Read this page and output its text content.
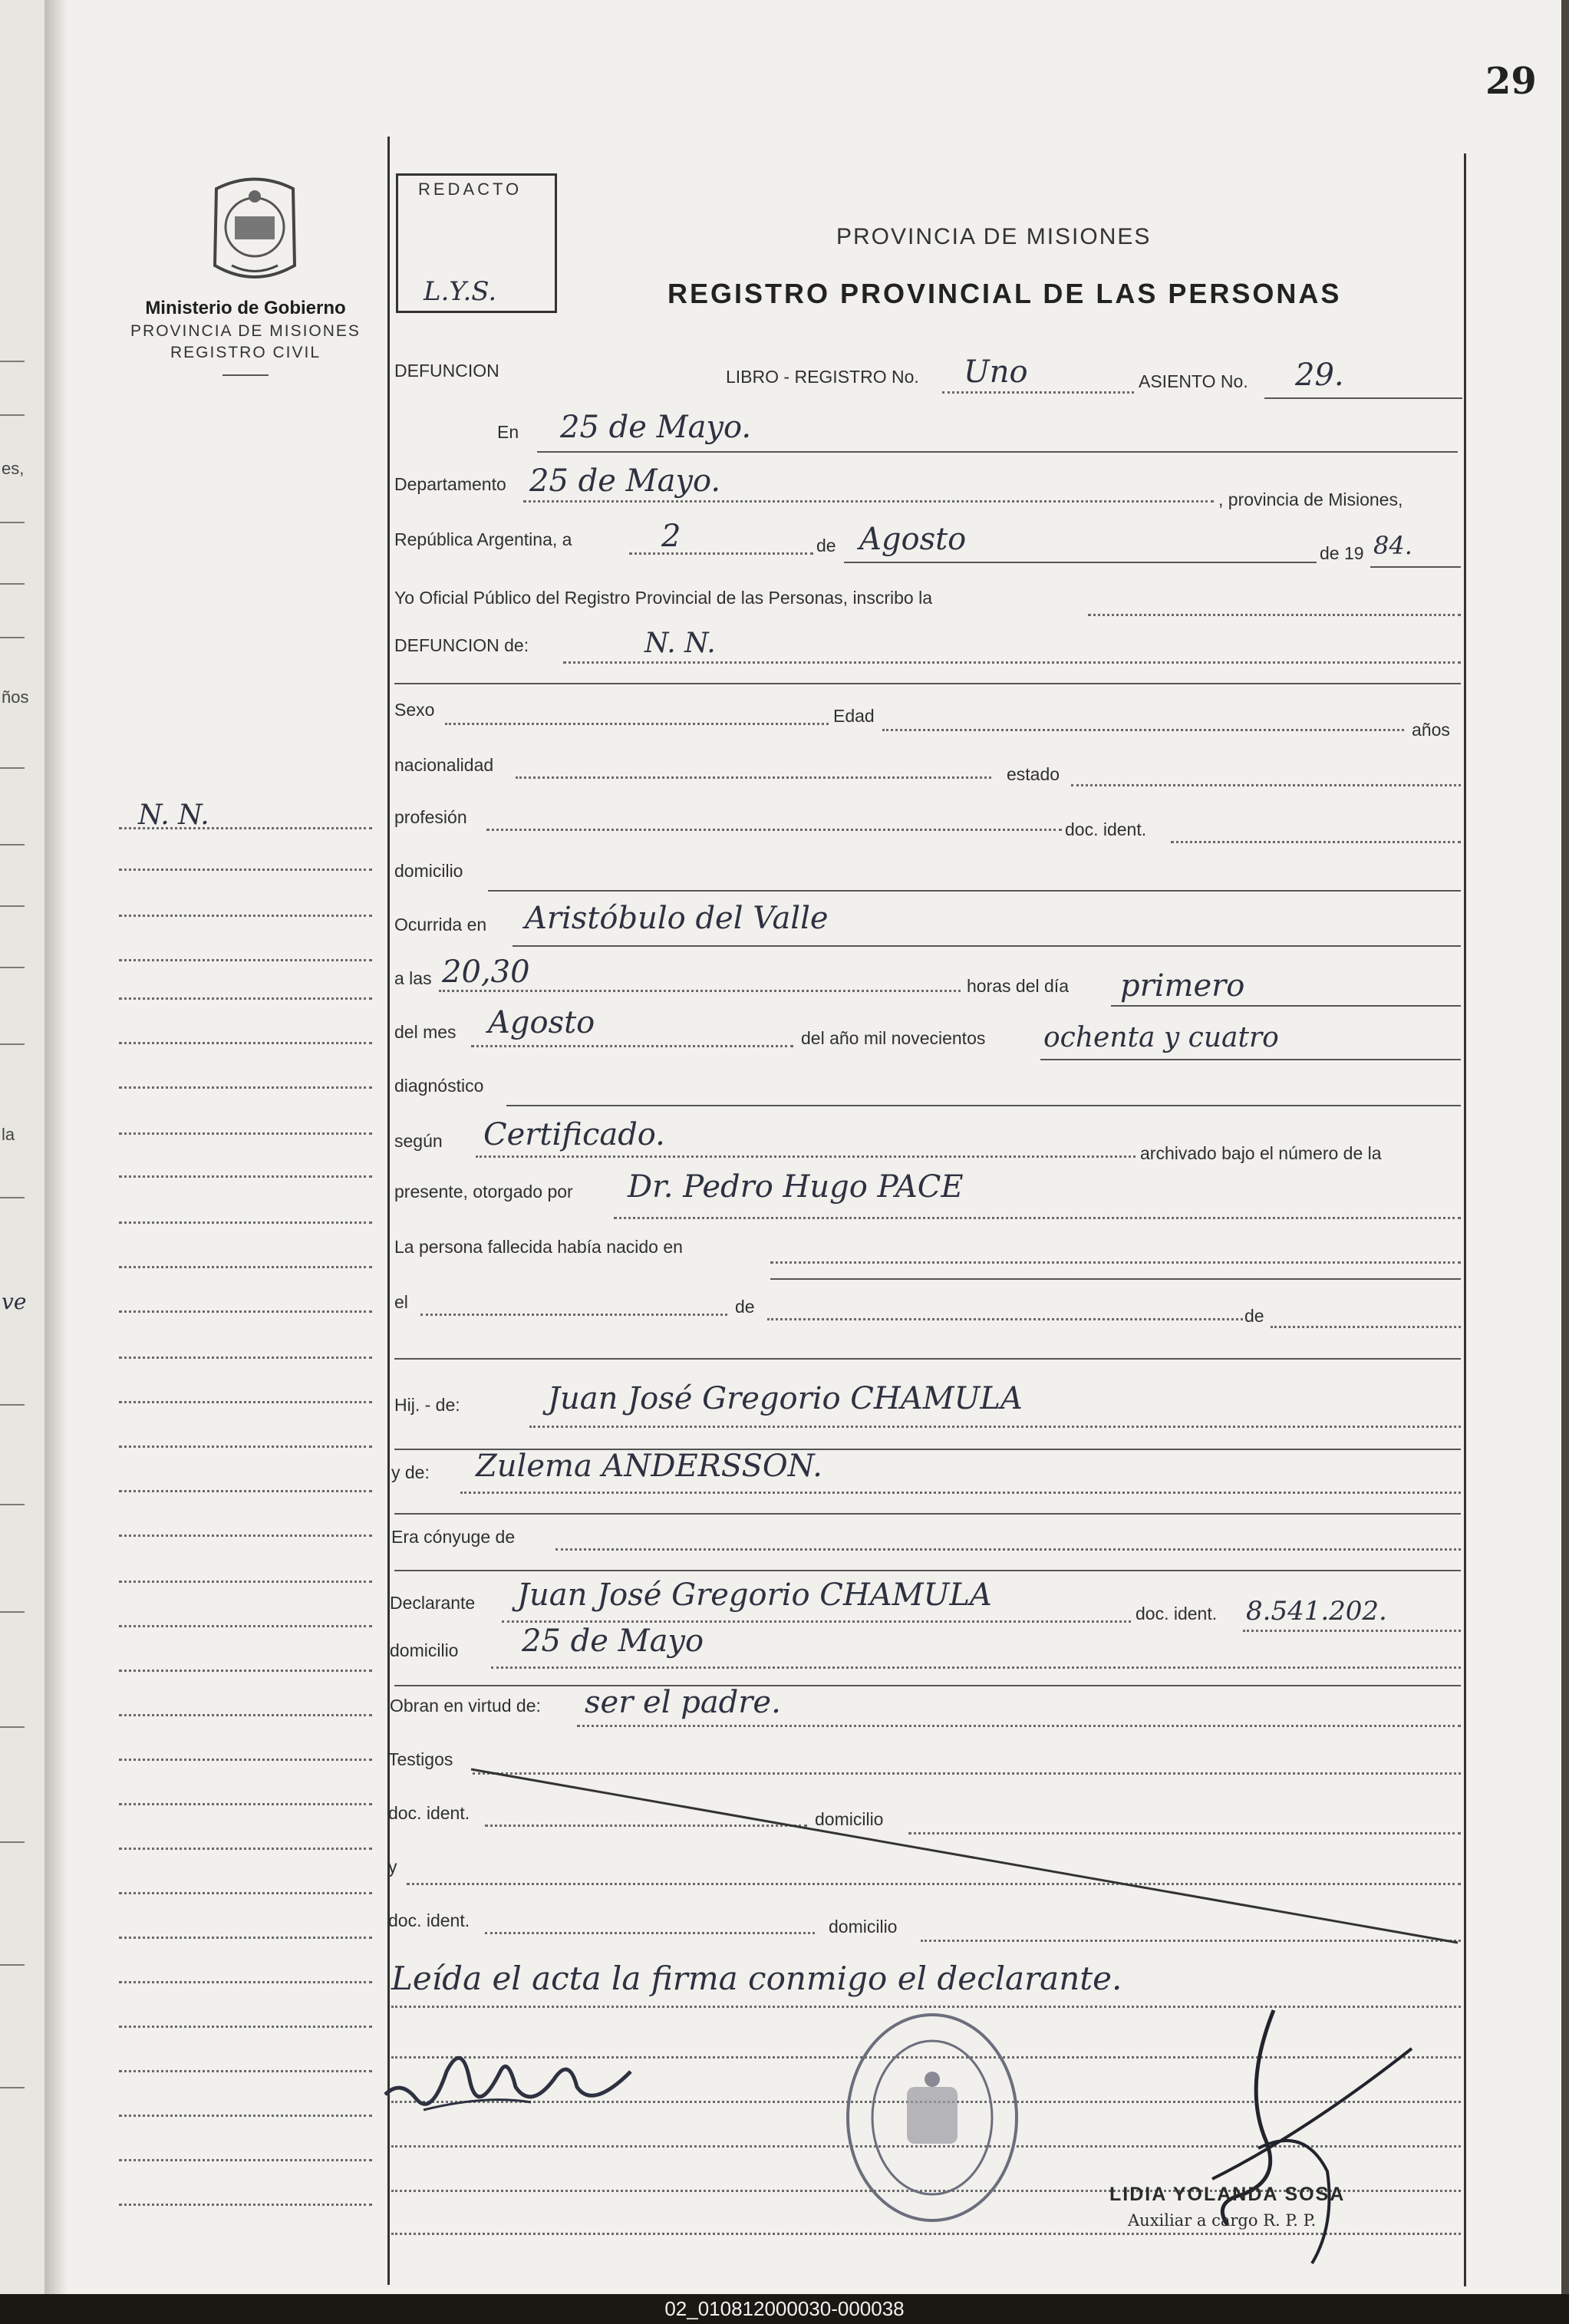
es,
ños
la
ve
29
Ministerio de Gobierno
PROVINCIA DE MISIONES
REGISTRO CIVIL
N. N.
REDACTO
L.Y.S.
PROVINCIA DE MISIONES
REGISTRO PROVINCIAL DE LAS PERSONAS
DEFUNCION	LIBRO - REGISTRO No. Uno	ASIENTO No. 29.
En 25 de Mayo.
Departamento 25 de Mayo.
, provincia de Misiones,
República Argentina, a	2	de Agosto	de 19 84.
Yo Oficial Público del Registro Provincial de las Personas, inscribo la
DEFUNCION de:	N. N.
Sexo	Edad
años
nacionalidad	estado
profesión
doc. ident.
domicilio
Ocurrida en Aristóbulo del Valle
a las 20,30	horas del día primero
del mes Agosto	del año mil novecientos ochenta y cuatro
diagnóstico
según Certificado.
archivado bajo el número de la
presente, otorgado por Dr. Pedro Hugo PACE
La persona fallecida había nacido en
el	de	de
Hij. - de:	Juan José Gregorio CHAMULA
y de: Zulema ANDERSSON.
Era cónyuge de
Declarante Juan José Gregorio CHAMULA
doc. ident. 8.541.202.
domicilio 25 de Mayo
Obran en virtud de: ser el padre.
Testigos
doc. ident.	domicilio
y
doc. ident.	domicilio
Leída el acta la firma conmigo el declarante.
LIDIA YOLANDA SOSA
Auxiliar a cargo R. P. P.
02_010812000030-000038
